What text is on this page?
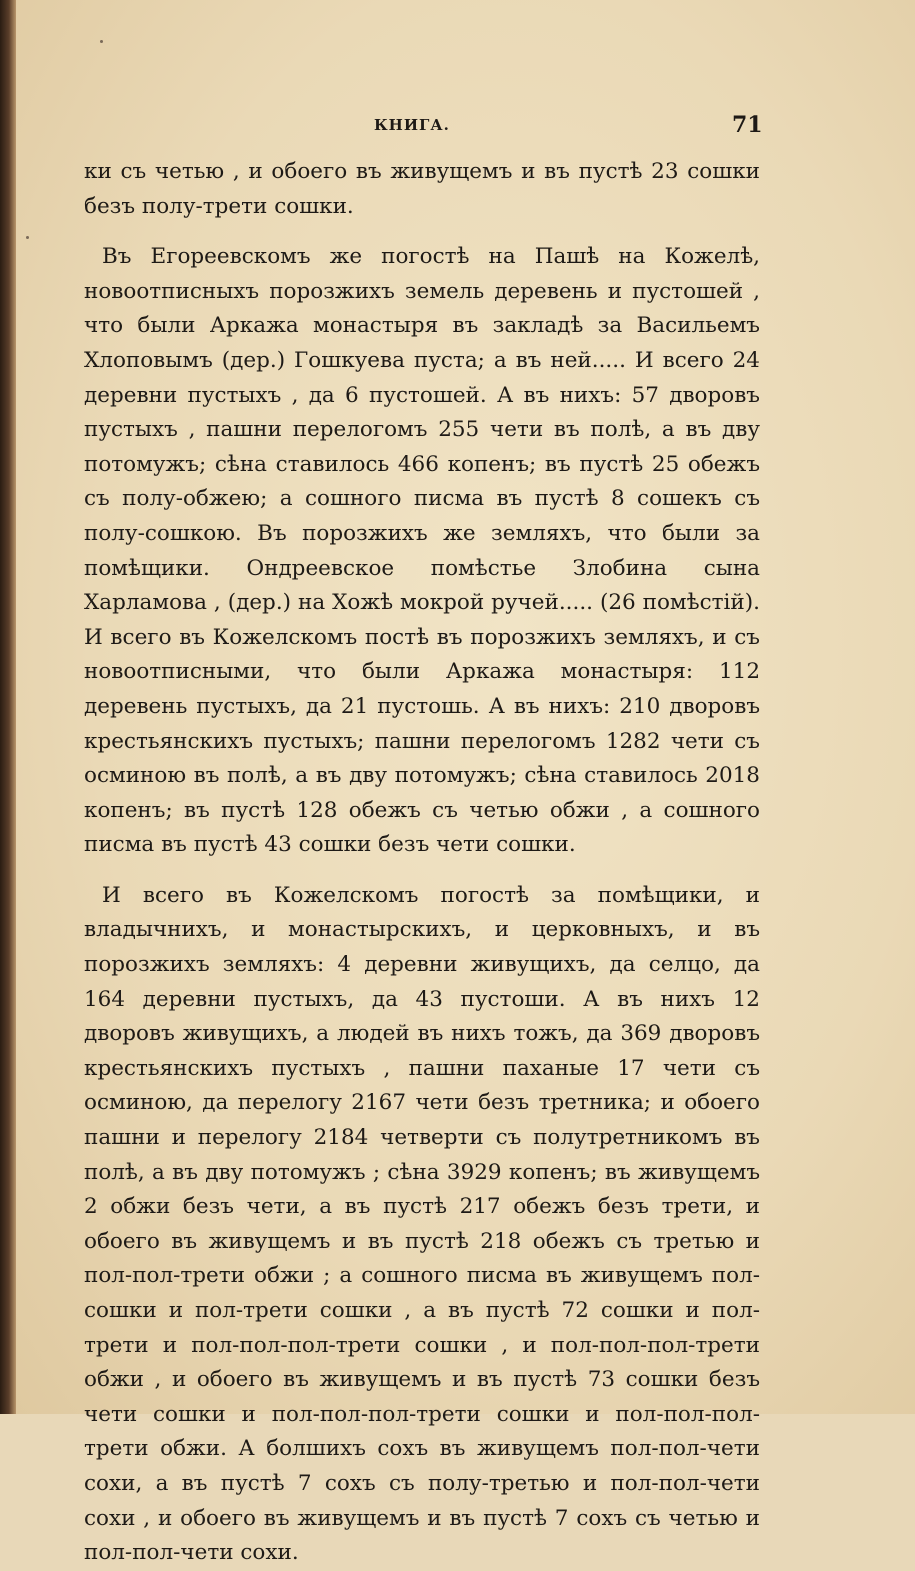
КНИГА.	71

ки съ четью , и обоего въ живущемъ и въ пустѣ 23 сошки безъ полу-трети сошки.

Въ Егореевскомъ же погостѣ на Пашѣ на Кожелѣ, новоотписныхъ порозжихъ земель деревень и пустошей , что были Аркажа монастыря въ закладѣ за Васильемъ Хлоповымъ (дер.) Гошкуева пуста; а въ ней..... И всего 24 деревни пустыхъ , да 6 пустошей. А въ нихъ: 57 дворовъ пустыхъ , пашни перелогомъ 255 чети въ полѣ, а въ дву потомужъ; сѣна ставилось 466 копенъ; въ пустѣ 25 обежъ съ полу-обжею; а сошного писма въ пустѣ 8 сошекъ съ полу-сошкою. Въ порозжихъ же земляхъ, что были за помѣщики. Ондреевское помѣстье Злобина сына Харламова , (дер.) на Хожѣ мокрой ручей..... (26 помѣстій). И всего въ Кожелскомъ постѣ въ порозжихъ земляхъ, и съ новоотписными, что были Аркажа монастыря: 112 деревень пустыхъ, да 21 пустошь. А въ нихъ: 210 дворовъ крестьянскихъ пустыхъ; пашни перелогомъ 1282 чети съ осминою въ полѣ, а въ дву потомужъ; сѣна ставилось 2018 копенъ; въ пустѣ 128 обежъ съ четью обжи , а сошного писма въ пустѣ 43 сошки безъ чети сошки.

И всего въ Кожелскомъ погостѣ за помѣщики, и владычнихъ, и монастырскихъ, и церковныхъ, и въ порозжихъ земляхъ: 4 деревни живущихъ, да селцо, да 164 деревни пустыхъ, да 43 пустоши. А въ нихъ 12 дворовъ живущихъ, а людей въ нихъ тожъ, да 369 дворовъ крестьянскихъ пустыхъ , пашни паханые 17 чети съ осминою, да перелогу 2167 чети безъ третника; и обоего пашни и перелогу 2184 четверти съ полутретникомъ въ полѣ, а въ дву потомужъ ; сѣна 3929 копенъ; въ живущемъ 2 обжи безъ чети, а въ пустѣ 217 обежъ безъ трети, и обоего въ живущемъ и въ пустѣ 218 обежъ съ третью и пол-пол-трети обжи ; а сошного писма въ живущемъ пол-сошки и пол-трети сошки , а въ пустѣ 72 сошки и пол-трети и пол-пол-пол-трети сошки , и пол-пол-пол-трети обжи , и обоего въ живущемъ и въ пустѣ 73 сошки безъ чети сошки и пол-пол-пол-трети сошки и пол-пол-пол-трети обжи. А болшихъ сохъ въ живущемъ пол-пол-чети сохи, а въ пустѣ 7 сохъ съ полу-третью и пол-пол-чети сохи , и обоего въ живущемъ и въ пустѣ 7 сохъ съ четью и пол-пол-чети сохи.
